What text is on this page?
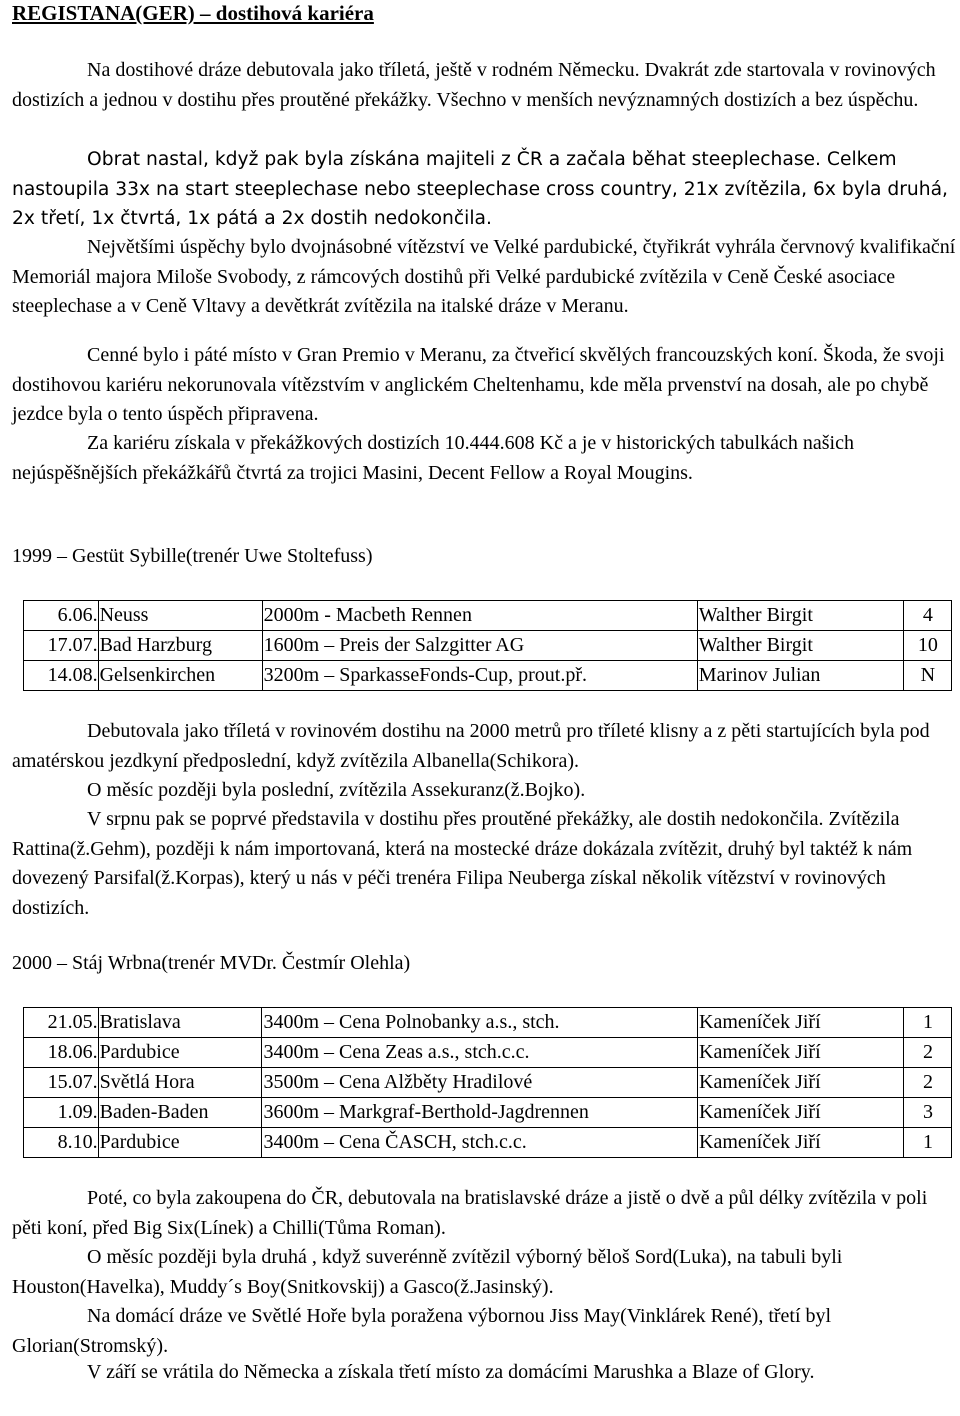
REGISTANA(GER) – dostihová kariéra

Na dostihové dráze debutovala jako tříletá, ještě v rodném Německu. Dvakrát zde startovala v rovinových dostizích a jednou v dostihu přes proutěné překážky. Všechno v menších nevýznamných dostizích a bez úspěchu.

Obrat nastal, když pak byla získána majiteli z ČR a začala běhat steeplechase. Celkem nastoupila 33x na start steeplechase nebo steeplechase cross country, 21x zvítězila, 6x byla druhá, 2x třetí, 1x čtvrtá, 1x pátá a 2x dostih nedokončila.

Největšími úspěchy bylo dvojnásobné vítězství ve Velké pardubické, čtyřikrát vyhrála červnový kvalifikační Memoriál majora Miloše Svobody, z rámcových dostihů při Velké pardubické zvítězila v Ceně České asociace steeplechase a v Ceně Vltavy a devětkrát zvítězila na italské dráze v Meranu.

Cenné bylo i páté místo v Gran Premio v Meranu, za čtveřicí skvělých francouzských koní. Škoda, že svoji dostihovou kariéru nekorunovala vítězstvím v anglickém Cheltenhamu, kde měla prvenství na dosah, ale po chybě jezdce byla o tento úspěch připravena.

Za kariéru získala v překážkových dostizích 10.444.608 Kč a je v historických tabulkách našich nejúspěšnějších překážkářů čtvrtá za trojici Masini, Decent Fellow a Royal Mougins.

1999 – Gestüt Sybille(trenér Uwe Stoltefuss)
6.06.	Neuss	2000m - Macbeth Rennen	Walther Birgit	4
17.07.	Bad Harzburg	1600m – Preis der Salzgitter AG	Walther Birgit	10
14.08.	Gelsenkirchen	3200m – SparkasseFonds-Cup, prout.př.	Marinov Julian	N

Debutovala jako tříletá v rovinovém dostihu na 2000 metrů pro tříleté klisny a z pěti startujících byla pod amatérskou jezdkyní předposlední, když zvítězila Albanella(Schikora).

O měsíc později byla poslední, zvítězila Assekuranz(ž.Bojko).

V srpnu pak se poprvé představila v dostihu přes proutěné překážky, ale dostih nedokončila. Zvítězila Rattina(ž.Gehm), později k nám importovaná, která na mostecké dráze dokázala zvítězit, druhý byl taktéž k nám dovezený Parsifal(ž.Korpas), který u nás v péči trenéra Filipa Neuberga získal několik vítězství v rovinových dostizích.

2000 – Stáj Wrbna(trenér MVDr. Čestmír Olehla)
21.05.	Bratislava	3400m – Cena Polnobanky a.s., stch.	Kameníček Jiří	1
18.06.	Pardubice	3400m – Cena Zeas a.s., stch.c.c.	Kameníček Jiří	2
15.07.	Světlá Hora	3500m – Cena Alžběty Hradilové	Kameníček Jiří	2
1.09.	Baden-Baden	3600m – Markgraf-Berthold-Jagdrennen	Kameníček Jiří	3
8.10.	Pardubice	3400m – Cena ČASCH, stch.c.c.	Kameníček Jiří	1

Poté, co byla zakoupena do ČR, debutovala na bratislavské dráze a jistě o dvě a půl délky zvítězila v poli pěti koní, před Big Six(Línek) a Chilli(Tůma Roman).

O měsíc později byla druhá , když suverénně zvítězil výborný běloš Sord(Luka), na tabuli byli Houston(Havelka), Muddy´s Boy(Snitkovskij) a Gasco(ž.Jasinský).

Na domácí dráze ve Světlé Hoře byla poražena výbornou Jiss May(Vinklárek René), třetí byl Glorian(Stromský).

V září se vrátila do Německa a získala třetí místo za domácími Marushka a Blaze of Glory.
